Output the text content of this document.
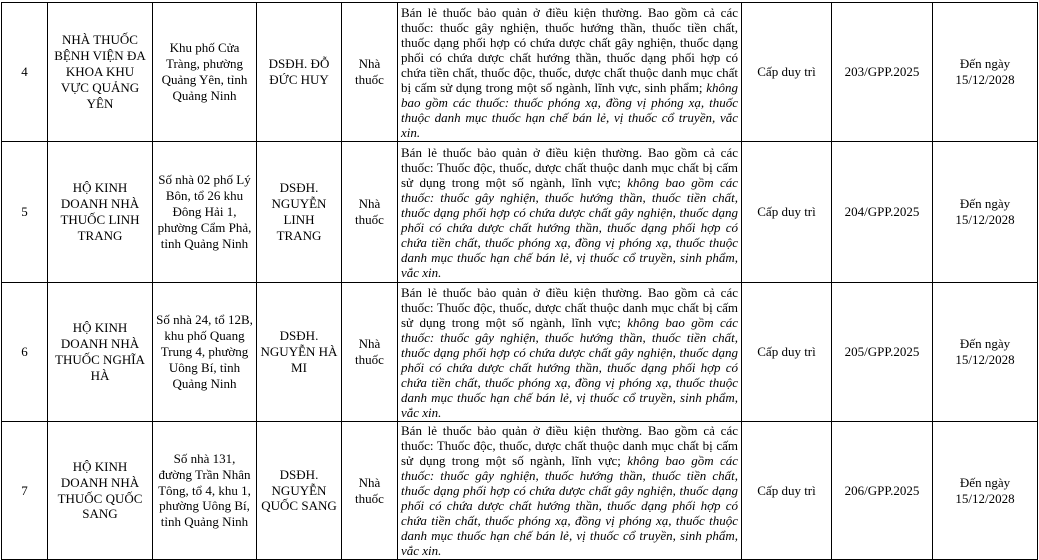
4	NHÀ THUỐC BỆNH VIỆN ĐA KHOA KHU VỰC QUẢNG YÊN	Khu phố Cửa Tràng, phường Quảng Yên, tỉnh Quảng Ninh	DSĐH. ĐỖ ĐỨC HUY	Nhà thuốc	Bán lẻ thuốc bảo quản ở điều kiện thường. Bao gồm cả các thuốc: thuốc gây nghiện, thuốc hướng thần, thuốc tiền chất, thuốc dạng phối hợp có chứa dược chất gây nghiện, thuốc dạng phối có chứa dược chất hướng thần, thuốc dạng phối hợp có chứa tiền chất, thuốc độc, thuốc, dược chất thuộc danh mục chất bị cấm sử dụng trong một số ngành, lĩnh vực, sinh phẩm; không bao gồm các thuốc: thuốc phóng xạ, đồng vị phóng xạ, thuốc thuộc danh mục thuốc hạn chế bán lẻ, vị thuốc cổ truyền, vắc xin.	Cấp duy trì	203/GPP.2025	Đến ngày 15/12/2028
5	HỘ KINH DOANH NHÀ THUỐC LINH TRANG	Số nhà 02 phố Lý Bôn, tổ 26 khu Đông Hải 1, phường Cẩm Phả, tỉnh Quảng Ninh	DSĐH. NGUYỄN LINH TRANG	Nhà thuốc	Bán lẻ thuốc bảo quản ở điều kiện thường. Bao gồm cả các thuốc: Thuốc độc, thuốc, dược chất thuộc danh mục chất bị cấm sử dụng trong một số ngành, lĩnh vực; không bao gồm các thuốc: thuốc gây nghiện, thuốc hướng thần, thuốc tiền chất, thuốc dạng phối hợp có chứa dược chất gây nghiện, thuốc dạng phối có chứa dược chất hướng thần, thuốc dạng phối hợp có chứa tiền chất, thuốc phóng xạ, đồng vị phóng xạ, thuốc thuộc danh mục thuốc hạn chế bán lẻ, vị thuốc cổ truyền, sinh phẩm, vắc xin.	Cấp duy trì	204/GPP.2025	Đến ngày 15/12/2028
6	HỘ KINH DOANH NHÀ THUỐC NGHĨA HÀ	Số nhà 24, tổ 12B, khu phố Quang Trung 4, phường Uông Bí, tỉnh Quảng Ninh	DSĐH. NGUYỄN HÀ MI	Nhà thuốc	Bán lẻ thuốc bảo quản ở điều kiện thường. Bao gồm cả các thuốc: Thuốc độc, thuốc, dược chất thuộc danh mục chất bị cấm sử dụng trong một số ngành, lĩnh vực; không bao gồm các thuốc: thuốc gây nghiện, thuốc hướng thần, thuốc tiền chất, thuốc dạng phối hợp có chứa dược chất gây nghiện, thuốc dạng phối có chứa dược chất hướng thần, thuốc dạng phối hợp có chứa tiền chất, thuốc phóng xạ, đồng vị phóng xạ, thuốc thuộc danh mục thuốc hạn chế bán lẻ, vị thuốc cổ truyền, sinh phẩm, vắc xin.	Cấp duy trì	205/GPP.2025	Đến ngày 15/12/2028
7	HỘ KINH DOANH NHÀ THUỐC QUỐC SANG	Số nhà 131, đường Trần Nhân Tông, tổ 4, khu 1, phường Uông Bí, tỉnh Quảng Ninh	DSĐH. NGUYỄN QUỐC SANG	Nhà thuốc	Bán lẻ thuốc bảo quản ở điều kiện thường. Bao gồm cả các thuốc: Thuốc độc, thuốc, dược chất thuộc danh mục chất bị cấm sử dụng trong một số ngành, lĩnh vực; không bao gồm các thuốc: thuốc gây nghiện, thuốc hướng thần, thuốc tiền chất, thuốc dạng phối hợp có chứa dược chất gây nghiện, thuốc dạng phối có chứa dược chất hướng thần, thuốc dạng phối hợp có chứa tiền chất, thuốc phóng xạ, đồng vị phóng xạ, thuốc thuộc danh mục thuốc hạn chế bán lẻ, vị thuốc cổ truyền, sinh phẩm, vắc xin.	Cấp duy trì	206/GPP.2025	Đến ngày 15/12/2028
